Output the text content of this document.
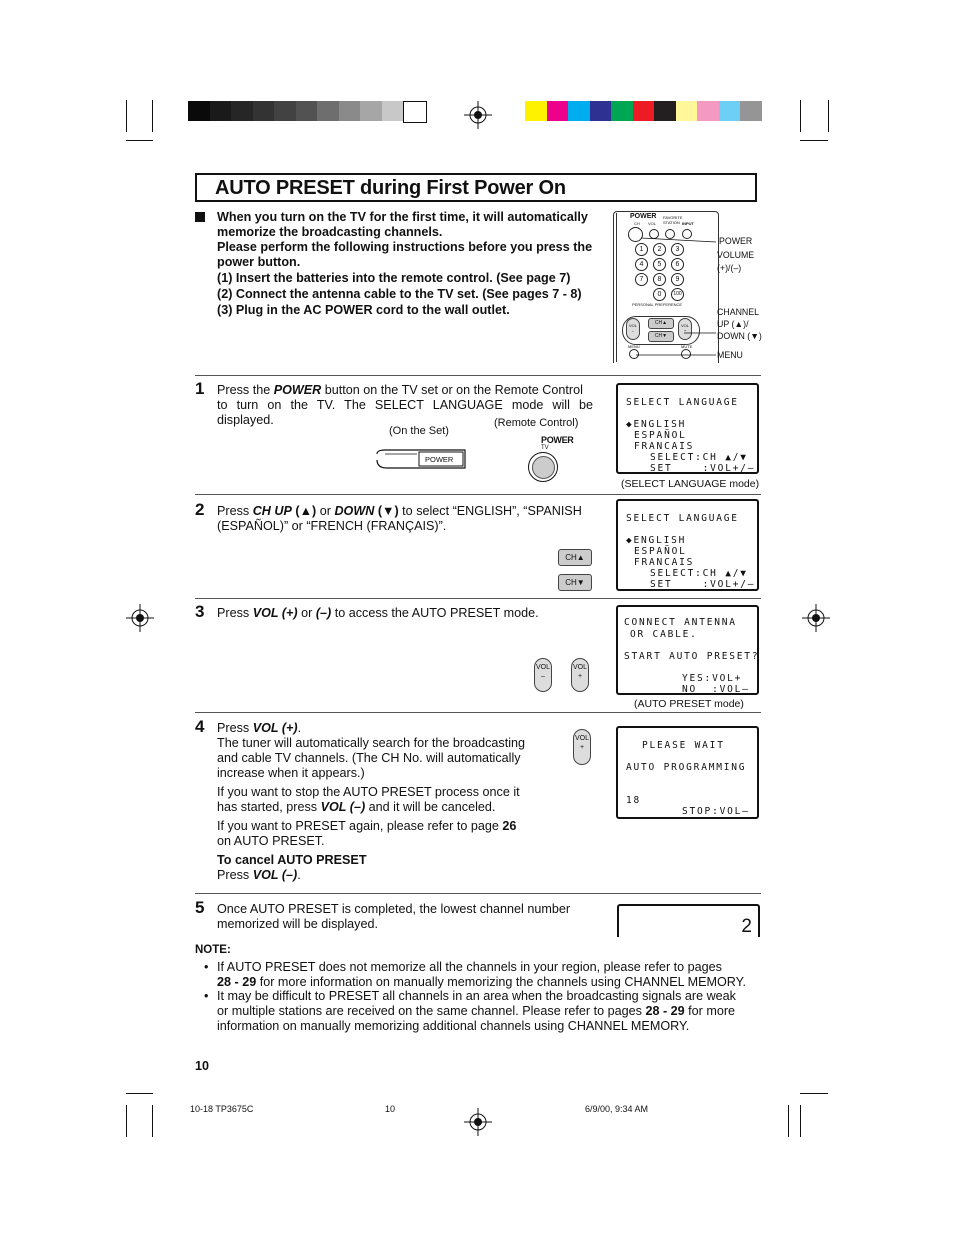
AUTO PRESET during First Power On
When you turn on the TV for the first time, it will automatically
memorize the broadcasting channels.
Please perform the following instructions before you press the
power button.
(1) Insert the batteries into the remote control. (See page 7)
(2) Connect the antenna cable to the TV set. (See pages 7 - 8)
(3) Plug in the AC POWER cord to the wall outlet.
POWER
CH VOL
FAVORITE STATION INPUT
1	2	3
4	5	6
7	8	9
0	100
PERSONAL PREFERENCE
CH▲
CH▼
VOL
–
VOL
+
MENU	MUTE
POWER
VOLUME
(+)/(–)
CHANNEL
UP (▲)/
DOWN (▼)
MENU
1 Press the POWER button on the TV set or on the Remote Control
to turn on the TV. The SELECT LANGUAGE mode will be
displayed.
(On the Set)
(Remote Control)
POWER
POWER
TV
SELECT LANGUAGE
◆ENGLISH
ESPAÑOL
FRANCAIS
SELECT:CH ▲/▼
SET    :VOL+/–
(SELECT LANGUAGE mode)
2 Press CH UP (▲) or DOWN (▼) to select “ENGLISH”, “SPANISH
(ESPAÑOL)” or “FRENCH (FRANÇAIS)”.
CH▲
CH▼
SELECT LANGUAGE
◆ENGLISH
ESPAÑOL
FRANCAIS
SELECT:CH ▲/▼
SET    :VOL+/–
3 Press VOL (+) or (–) to access the AUTO PRESET mode.
VOL
–
VOL
+
CONNECT ANTENNA
OR CABLE.
START AUTO PRESET?
YES:VOL+
NO  :VOL–
(AUTO PRESET mode)
4 Press VOL (+).
The tuner will automatically search for the broadcasting
and cable TV channels. (The CH No. will automatically
increase when it appears.)
If you want to stop the AUTO PRESET process once it
has started, press VOL (–) and it will be canceled.
If you want to PRESET again, please refer to page 26
on AUTO PRESET.
To cancel AUTO PRESET
Press VOL (–).
VOL
+	PLEASE WAIT
AUTO PROGRAMMING
18
STOP:VOL–
5 Once AUTO PRESET is completed, the lowest channel number
memorized will be displayed.	2
NOTE:
• If AUTO PRESET does not memorize all the channels in your region, please refer to pages
28 - 29 for more information on manually memorizing the channels using CHANNEL MEMORY.
• It may be difficult to PRESET all channels in an area when the broadcasting signals are weak
or multiple stations are received on the same channel. Please refer to pages 28 - 29 for more
information on manually memorizing additional channels using CHANNEL MEMORY.
10
10-18 TP3675C	10	6/9/00, 9:34 AM
